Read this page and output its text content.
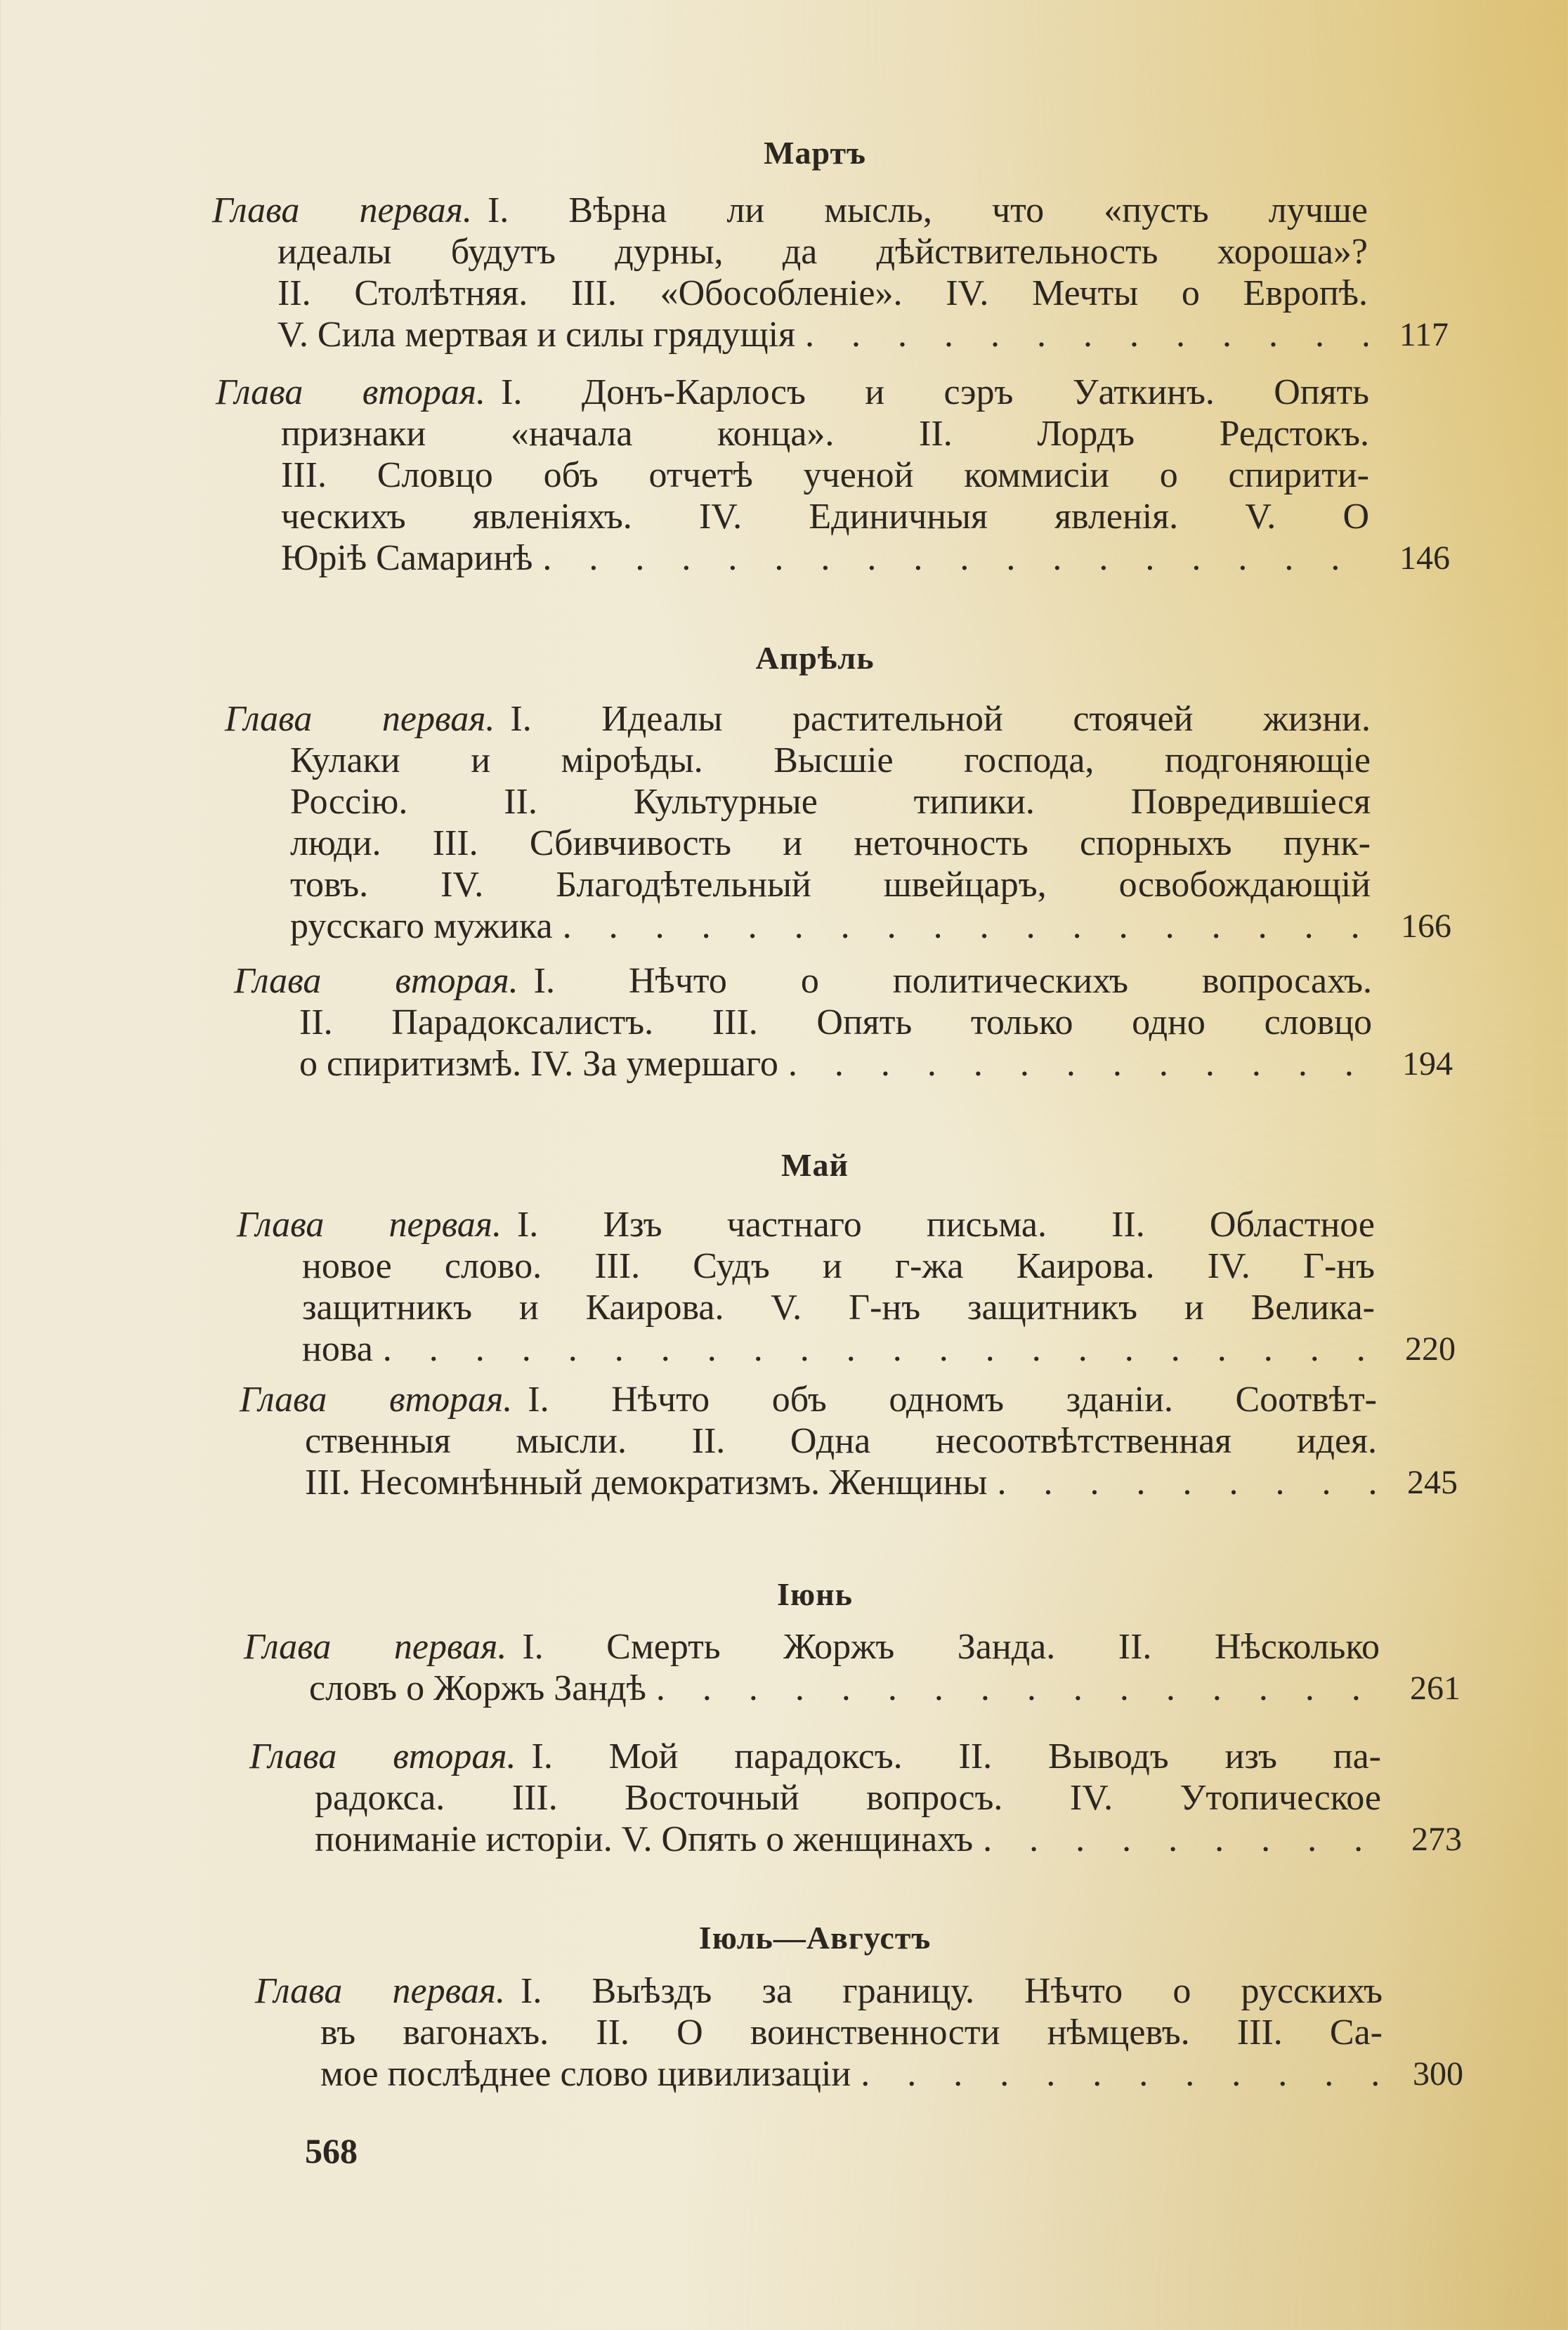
Мартъ
Глава первая. I. Вѣрна ли мысль, что «пусть лучше
идеалы будутъ дурны, да дѣйствительность хороша»?
II. Столѣтняя. III. «Обособленіе». IV. Мечты о Европѣ.
V. Сила мертвая и силы грядущія . . .	117
Глава вторая. I. Донъ-Карлосъ и сэръ Уаткинъ. Опять
признаки «начала конца». II. Лордъ Редстокъ.
III. Словцо объ отчетѣ ученой коммисіи о спирити-
ческихъ явленіяхъ. IV. Единичныя явленія. V. О
Юріѣ Самаринѣ . . .	146
Апрѣль
Глава первая. I. Идеалы растительной стоячей жизни.
Кулаки и міроѣды. Высшіе господа, подгоняющіе
Россію. II. Культурные типики. Повредившіеся
люди. III. Сбивчивость и неточность спорныхъ пунк-
товъ. IV. Благодѣтельный швейцаръ, освобождающій
русскаго мужика . . .	166
Глава вторая. I. Нѣчто о политическихъ вопросахъ.
II. Парадоксалистъ. III. Опять только одно словцо
о спиритизмѣ. IV. За умершаго . . .	194
Май
Глава первая. I. Изъ частнаго письма. II. Областное
новое слово. III. Судъ и г-жа Каирова. IV. Г-нъ
защитникъ и Каирова. V. Г-нъ защитникъ и Велика-
нова . . .	220
Глава вторая. I. Нѣчто объ одномъ зданіи. Соотвѣт-
ственныя мысли. II. Одна несоотвѣтственная идея.
III. Несомнѣнный демократизмъ. Женщины . . .	245
Іюнь
Глава первая. I. Смерть Жоржъ Занда. II. Нѣсколько
словъ о Жоржъ Зандѣ . . .	261
Глава вторая. I. Мой парадоксъ. II. Выводъ изъ па-
радокса. III. Восточный вопросъ. IV. Утопическое
пониманіе исторіи. V. Опять о женщинахъ . . .	273
Іюль—Августъ
Глава первая. I. Выѣздъ за границу. Нѣчто о русскихъ
въ вагонахъ. II. О воинственности нѣмцевъ. III. Са-
мое послѣднее слово цивилизаціи . . .	300
568
